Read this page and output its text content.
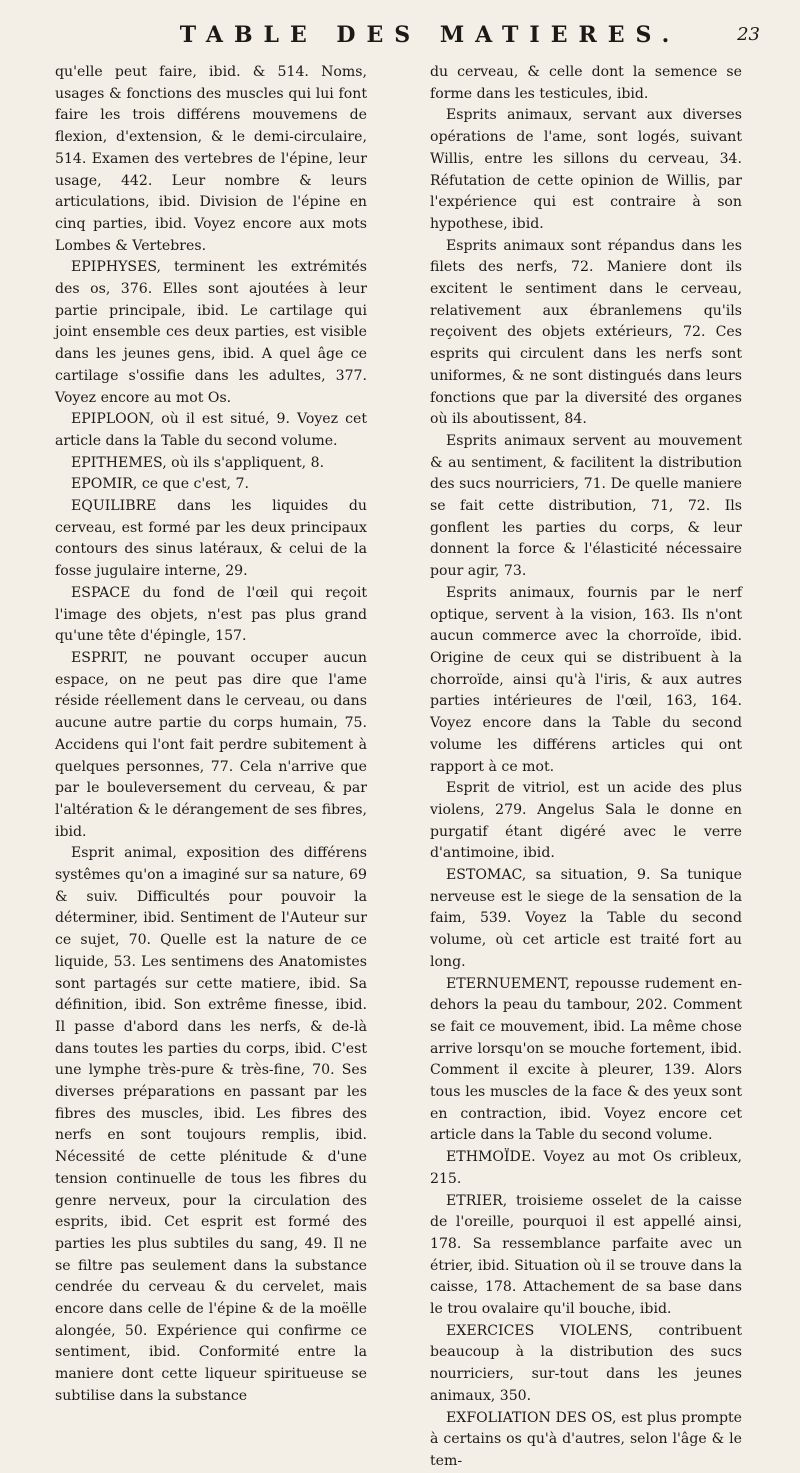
TABLE DES MATIERES.	23

qu'elle peut faire, ibid. & 514. Noms, usages & fonctions des muscles qui lui font faire les trois différens mouvemens de flexion, d'extension, & le demi-circulaire, 514. Examen des vertebres de l'épine, leur usage, 442. Leur nombre & leurs articulations, ibid. Division de l'épine en cinq parties, ibid. Voyez encore aux mots Lombes & Vertebres.

EPIPHYSES, terminent les extrémités des os, 376. Elles sont ajoutées à leur partie principale, ibid. Le cartilage qui joint ensemble ces deux parties, est visible dans les jeunes gens, ibid. A quel âge ce cartilage s'ossifie dans les adultes, 377. Voyez encore au mot Os.

EPIPLOON, où il est situé, 9. Voyez cet article dans la Table du second volume.

EPITHEMES, où ils s'appliquent, 8.

EPOMIR, ce que c'est, 7.

EQUILIBRE dans les liquides du cerveau, est formé par les deux principaux contours des sinus latéraux, & celui de la fosse jugulaire interne, 29.

ESPACE du fond de l'œil qui reçoit l'image des objets, n'est pas plus grand qu'une tête d'épingle, 157.

ESPRIT, ne pouvant occuper aucun espace, on ne peut pas dire que l'ame réside réellement dans le cerveau, ou dans aucune autre partie du corps humain, 75. Accidens qui l'ont fait perdre subitement à quelques personnes, 77. Cela n'arrive que par le bouleversement du cerveau, & par l'altération & le dérangement de ses fibres, ibid.

Esprit animal, exposition des différens systêmes qu'on a imaginé sur sa nature, 69 & suiv. Difficultés pour pouvoir la déterminer, ibid. Sentiment de l'Auteur sur ce sujet, 70. Quelle est la nature de ce liquide, 53. Les sentimens des Anatomistes sont partagés sur cette matiere, ibid. Sa définition, ibid. Son extrême finesse, ibid. Il passe d'abord dans les nerfs, & de-là dans toutes les parties du corps, ibid. C'est une lymphe très-pure & très-fine, 70. Ses diverses préparations en passant par les fibres des muscles, ibid. Les fibres des nerfs en sont toujours remplis, ibid. Nécessité de cette plénitude & d'une tension continuelle de tous les fibres du genre nerveux, pour la circulation des esprits, ibid. Cet esprit est formé des parties les plus subtiles du sang, 49. Il ne se filtre pas seulement dans la substance cendrée du cerveau & du cervelet, mais encore dans celle de l'épine & de la moëlle alongée, 50. Expérience qui confirme ce sentiment, ibid. Conformité entre la maniere dont cette liqueur spiritueuse se subtilise dans la substance

du cerveau, & celle dont la semence se forme dans les testicules, ibid.

Esprits animaux, servant aux diverses opérations de l'ame, sont logés, suivant Willis, entre les sillons du cerveau, 34. Réfutation de cette opinion de Willis, par l'expérience qui est contraire à son hypothese, ibid.

Esprits animaux sont répandus dans les filets des nerfs, 72. Maniere dont ils excitent le sentiment dans le cerveau, relativement aux ébranlemens qu'ils reçoivent des objets extérieurs, 72. Ces esprits qui circulent dans les nerfs sont uniformes, & ne sont distingués dans leurs fonctions que par la diversité des organes où ils aboutissent, 84.

Esprits animaux servent au mouvement & au sentiment, & facilitent la distribution des sucs nourriciers, 71. De quelle maniere se fait cette distribution, 71, 72. Ils gonflent les parties du corps, & leur donnent la force & l'élasticité nécessaire pour agir, 73.

Esprits animaux, fournis par le nerf optique, servent à la vision, 163. Ils n'ont aucun commerce avec la chorroïde, ibid. Origine de ceux qui se distribuent à la chorroïde, ainsi qu'à l'iris, & aux autres parties intérieures de l'œil, 163, 164. Voyez encore dans la Table du second volume les différens articles qui ont rapport à ce mot.

Esprit de vitriol, est un acide des plus violens, 279. Angelus Sala le donne en purgatif étant digéré avec le verre d'antimoine, ibid.

ESTOMAC, sa situation, 9. Sa tunique nerveuse est le siege de la sensation de la faim, 539. Voyez la Table du second volume, où cet article est traité fort au long.

ETERNUEMENT, repousse rudement en-dehors la peau du tambour, 202. Comment se fait ce mouvement, ibid. La même chose arrive lorsqu'on se mouche fortement, ibid. Comment il excite à pleurer, 139. Alors tous les muscles de la face & des yeux sont en contraction, ibid. Voyez encore cet article dans la Table du second volume.

ETHMOÏDE. Voyez au mot Os cribleux, 215.

ETRIER, troisieme osselet de la caisse de l'oreille, pourquoi il est appellé ainsi, 178. Sa ressemblance parfaite avec un étrier, ibid. Situation où il se trouve dans la caisse, 178. Attachement de sa base dans le trou ovalaire qu'il bouche, ibid.

EXERCICES VIOLENS, contribuent beaucoup à la distribution des sucs nourriciers, sur-tout dans les jeunes animaux, 350.

EXFOLIATION DES OS, est plus prompte à certains os qu'à d'autres, selon l'âge & le tem-
